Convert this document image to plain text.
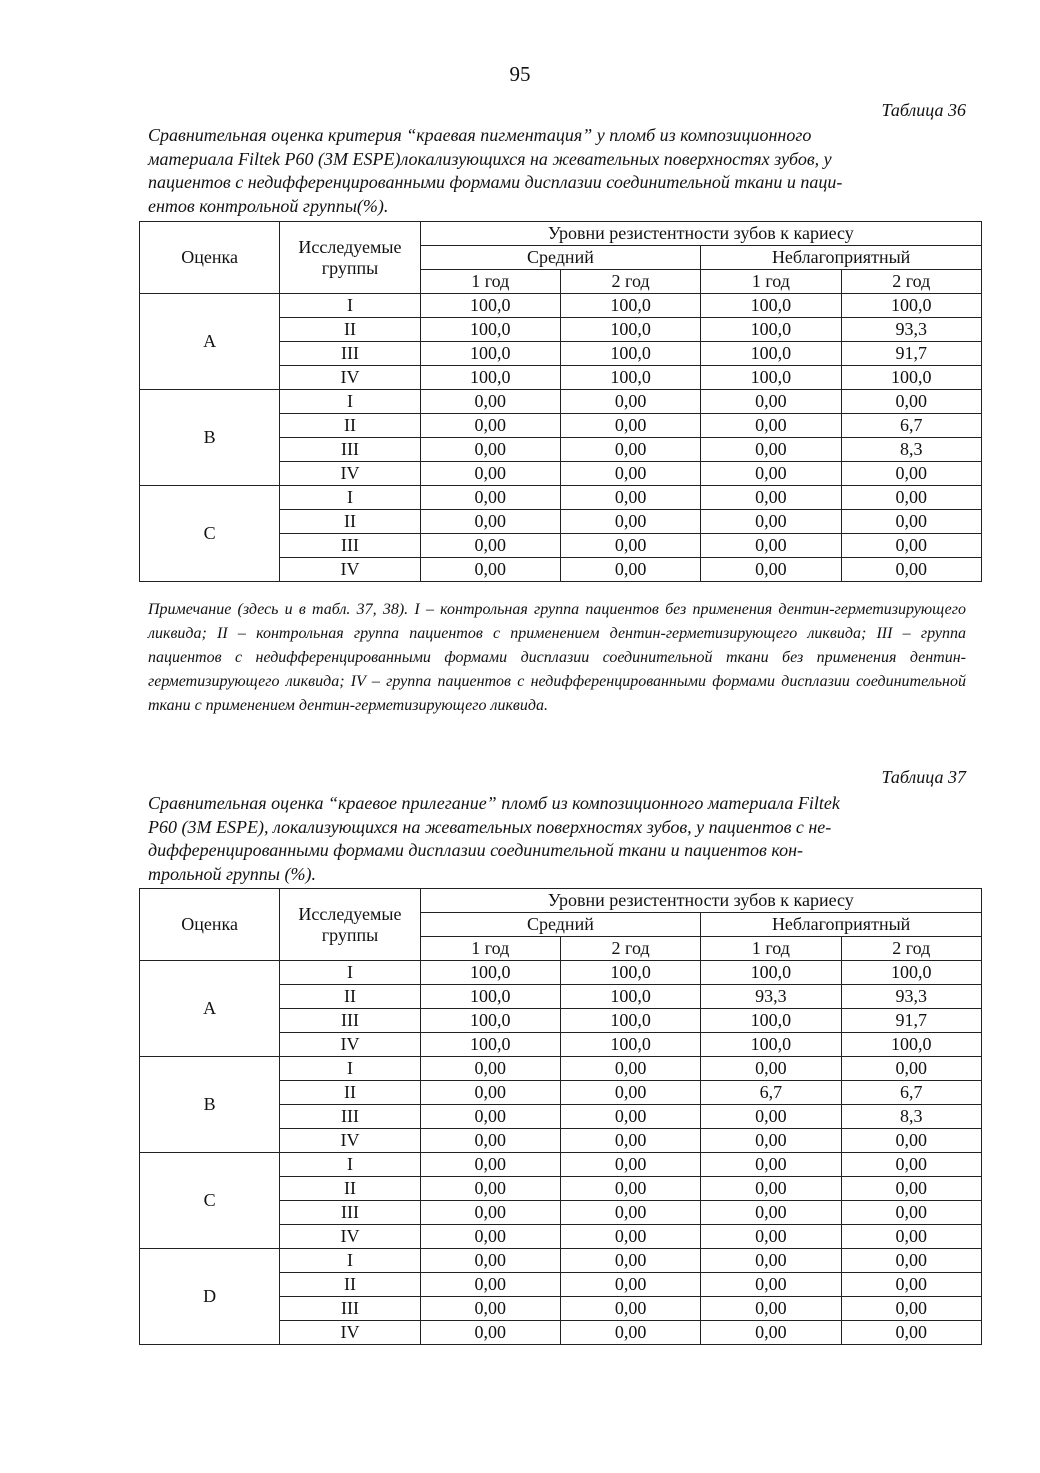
95
Таблица 36
Сравнительная оценка критерия “краевая пигментация” у пломб из композиционного
материала Filtek P60 (3M ESPE)локализующихся на жевательных поверхностях зубов, у
пациентов с недифференцированными формами дисплазии соединительной ткани и паци-
ентов контрольной группы(%).
Оценка	Исследуемые группы	Уровни резистентности зубов к кариесу			
		Средний		Неблагоприятный	
		1 год	2 год	1 год	2 год
A	I	100,0	100,0	100,0	100,0
	II	100,0	100,0	100,0	93,3
	III	100,0	100,0	100,0	91,7
	IV	100,0	100,0	100,0	100,0
B	I	0,00	0,00	0,00	0,00
	II	0,00	0,00	0,00	6,7
	III	0,00	0,00	0,00	8,3
	IV	0,00	0,00	0,00	0,00
C	I	0,00	0,00	0,00	0,00
	II	0,00	0,00	0,00	0,00
	III	0,00	0,00	0,00	0,00
	IV	0,00	0,00	0,00	0,00
Примечание (здесь и в табл. 37, 38). I – контрольная группа пациентов без применения дентин-герметизирующего ликвида; II – контрольная группа пациентов с применением дентин-герметизирующего ликвида; III – группа пациентов с недифференцированными формами дисплазии соединительной ткани без применения дентин-герметизирующего ликвида; IV – группа пациентов с недифференцированными формами дисплазии соединительной ткани с применением дентин-герметизирующего ликвида.
Таблица 37
Сравнительная оценка “краевое прилегание” пломб из композиционного материала Filtek
P60 (3M ESPE), локализующихся на жевательных поверхностях зубов, у пациентов с не-
дифференцированными формами дисплазии соединительной ткани и пациентов кон-
трольной группы (%).
Оценка	Исследуемые группы	Уровни резистентности зубов к кариесу			
		Средний		Неблагоприятный	
		1 год	2 год	1 год	2 год
A	I	100,0	100,0	100,0	100,0
	II	100,0	100,0	93,3	93,3
	III	100,0	100,0	100,0	91,7
	IV	100,0	100,0	100,0	100,0
B	I	0,00	0,00	0,00	0,00
	II	0,00	0,00	6,7	6,7
	III	0,00	0,00	0,00	8,3
	IV	0,00	0,00	0,00	0,00
C	I	0,00	0,00	0,00	0,00
	II	0,00	0,00	0,00	0,00
	III	0,00	0,00	0,00	0,00
	IV	0,00	0,00	0,00	0,00
D	I	0,00	0,00	0,00	0,00
	II	0,00	0,00	0,00	0,00
	III	0,00	0,00	0,00	0,00
	IV	0,00	0,00	0,00	0,00
